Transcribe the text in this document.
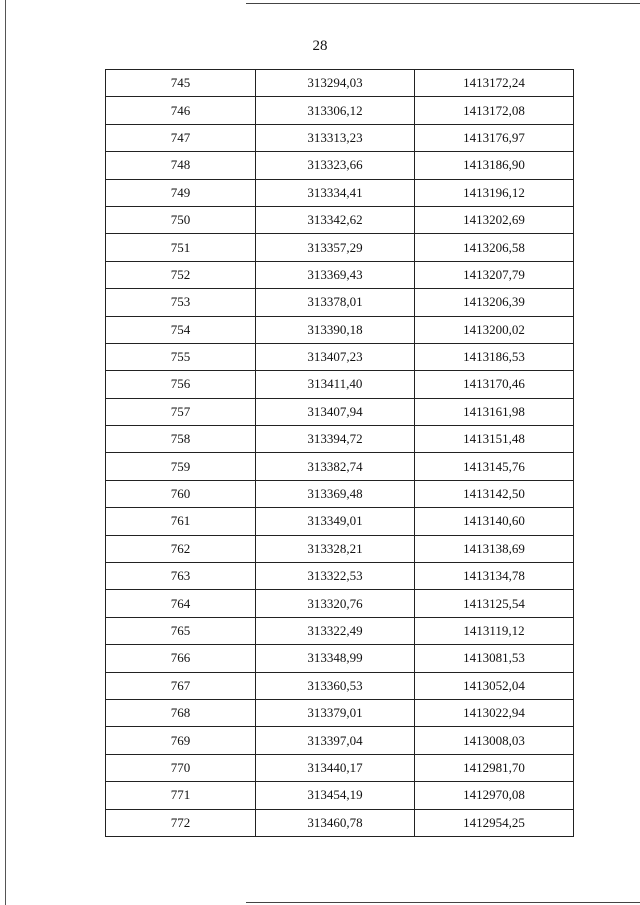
28
745	313294,03	1413172,24
746	313306,12	1413172,08
747	313313,23	1413176,97
748	313323,66	1413186,90
749	313334,41	1413196,12
750	313342,62	1413202,69
751	313357,29	1413206,58
752	313369,43	1413207,79
753	313378,01	1413206,39
754	313390,18	1413200,02
755	313407,23	1413186,53
756	313411,40	1413170,46
757	313407,94	1413161,98
758	313394,72	1413151,48
759	313382,74	1413145,76
760	313369,48	1413142,50
761	313349,01	1413140,60
762	313328,21	1413138,69
763	313322,53	1413134,78
764	313320,76	1413125,54
765	313322,49	1413119,12
766	313348,99	1413081,53
767	313360,53	1413052,04
768	313379,01	1413022,94
769	313397,04	1413008,03
770	313440,17	1412981,70
771	313454,19	1412970,08
772	313460,78	1412954,25
